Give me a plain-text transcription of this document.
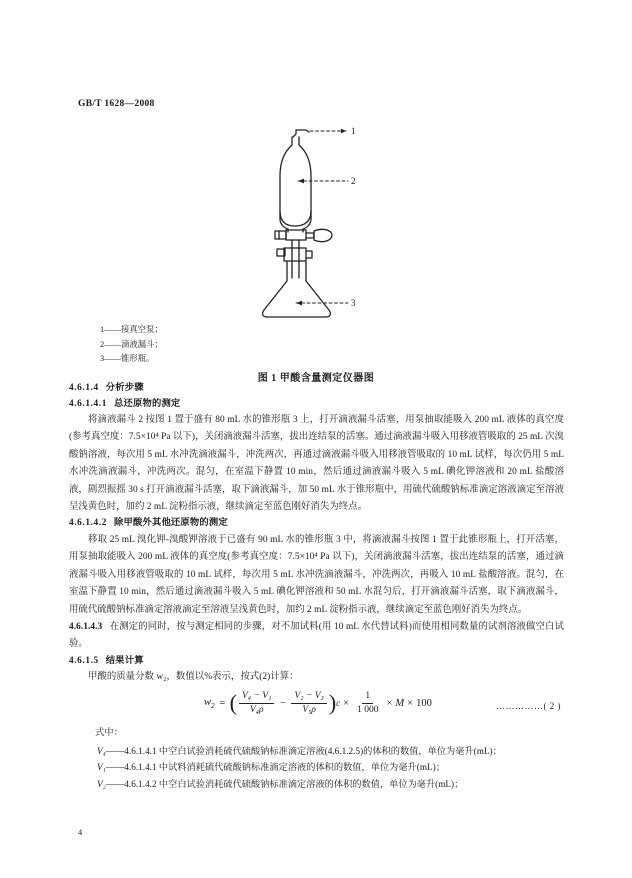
GB/T 1628—2008
1
2
3
1——接真空泵；
2——滴液漏斗；
3——锥形瓶。
图 1 甲酸含量测定仪器图
4.6.1.4 分析步骤
4.6.1.4.1 总还原物的测定

将滴液漏斗 2 按图 1 置于盛有 80 mL 水的锥形瓶 3 上，打开滴液漏斗活塞，用泵抽取能吸入 200 mL 液体的真空度(参考真空度：7.5×10⁴ Pa 以下)，关闭滴液漏斗活塞，拔出连结泵的活塞。通过滴液漏斗吸入用移液管吸取的 25 mL 次溴酸钠溶液，每次用 5 mL 水冲洗滴液漏斗，冲洗两次，再通过滴液漏斗吸入用移液管吸取的 10 mL 试样，每次仍用 5 mL 水冲洗滴液漏斗，冲洗两次。混匀，在室温下静置 10 min，然后通过滴液漏斗吸入 5 mL 碘化钾溶液和 20 mL 盐酸溶液，剧烈振摇 30 s 打开滴液漏斗活塞，取下滴液漏斗，加 50 mL 水于锥形瓶中，用硫代硫酸钠标准滴定溶液滴定至溶液呈浅黄色时，加约 2 mL 淀粉指示液，继续滴定至蓝色刚好消失为终点。

4.6.1.4.2 除甲酸外其他还原物的测定

移取 25 mL 溴化钾-溴酸钾溶液于已盛有 90 mL 水的锥形瓶 3 中，将滴液漏斗按图 1 置于此锥形瓶上，打开活塞，用泵抽取能吸入 200 mL 液体的真空度(参考真空度：7.5×10⁴ Pa 以下)，关闭滴液漏斗活塞，拔出连结泵的活塞，通过滴液漏斗吸入用移液管吸取的 10 mL 试样，每次用 5 mL 水冲洗滴液漏斗，冲洗两次，再吸入 10 mL 盐酸溶液。混匀，在室温下静置 10 min，然后通过滴液漏斗吸入 5 mL 碘化钾溶液和 50 mL 水混匀后，打开滴液漏斗活塞，取下滴液漏斗，用硫代硫酸钠标准滴定溶液滴定至溶液呈浅黄色时，加约 2 mL 淀粉指示液，继续滴定至蓝色刚好消失为终点。

4.6.1.4.3 在测定的同时，按与测定相同的步骤，对不加试料(用 10 mL 水代替试料)而使用相同数量的试剂溶液做空白试验。

4.6.1.5 结果计算

甲酸的质量分数 w₂，数值以%表示，按式(2)计算：

$w_2$ = ( $\frac{\text{V₄ − V₁}}{\text{V₄ρ}} - \frac{\text{V₂ − V₃}}{\text{V₅ρ}}$ ) $c \times \frac{1}{1 000} \times M \times 100$	……………( 2 )
式中：
V₄——4.6.1.4.1 中空白试验消耗硫代硫酸钠标准滴定溶液(4.6.1.2.5)的体积的数值，单位为毫升(mL)；
V₁——4.6.1.4.1 中试料消耗硫代硫酸钠标准滴定溶液的体积的数值，单位为毫升(mL)；
V₂——4.6.1.4.2 中空白试验消耗硫代硫酸钠标准滴定溶液的体积的数值，单位为毫升(mL)；
4
